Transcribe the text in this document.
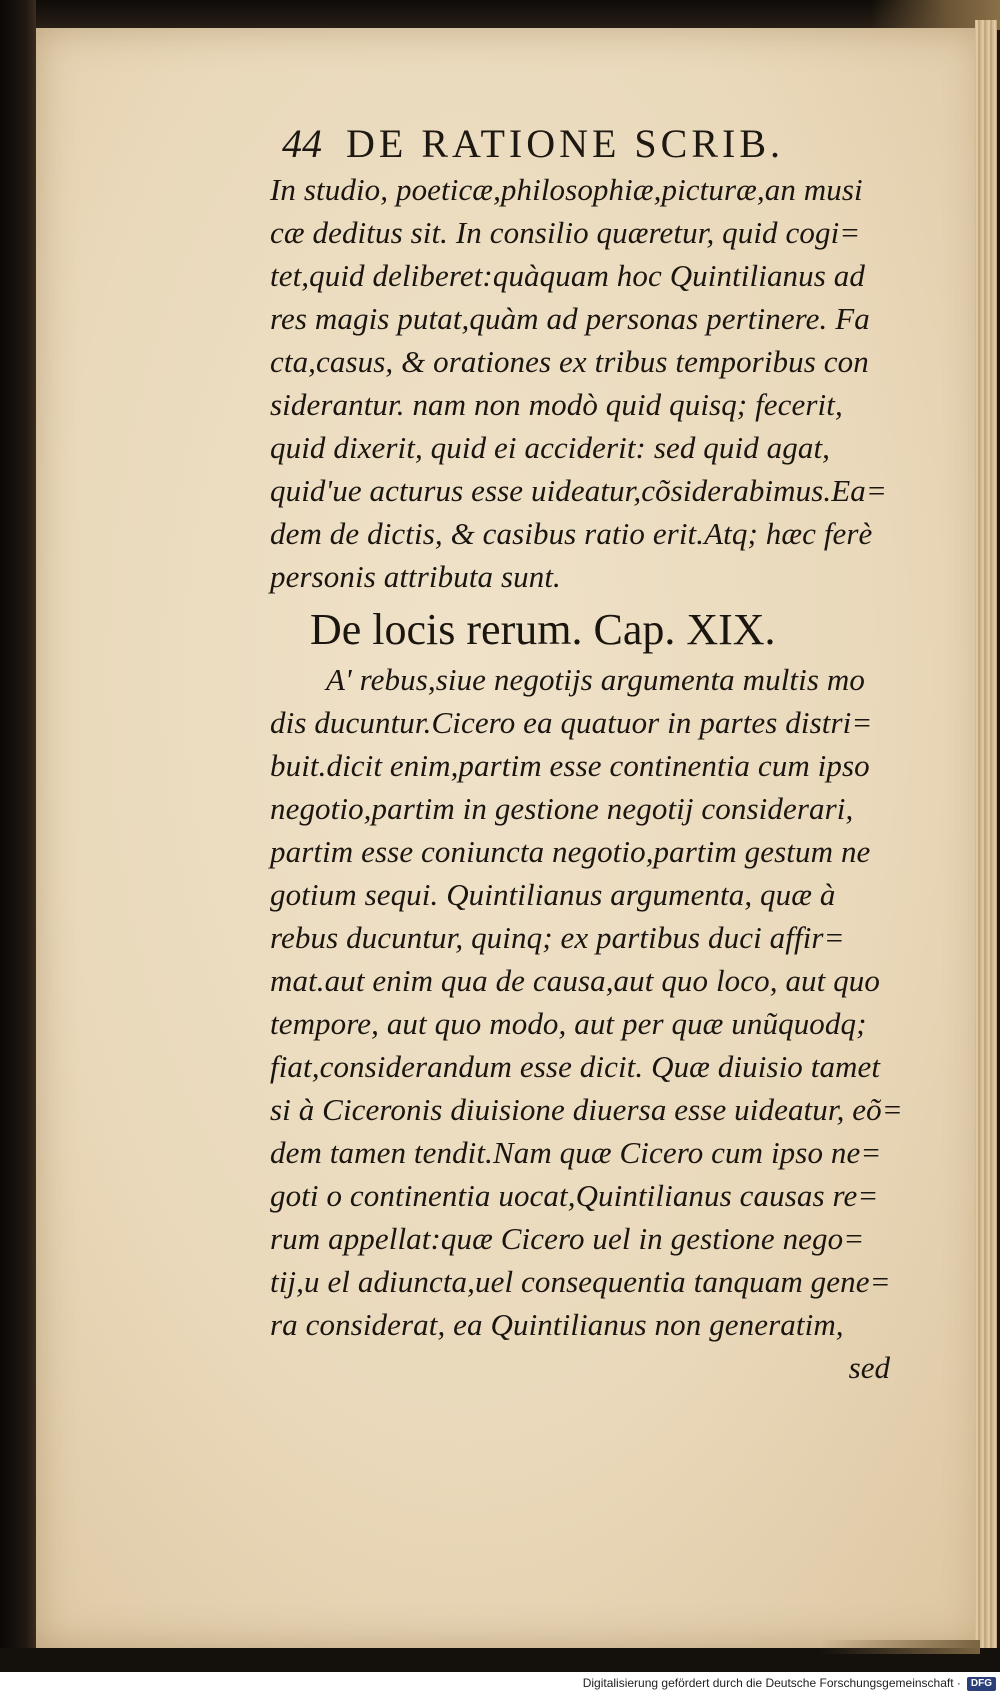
44 DE RATIONE SCRIB.
In studio, poeticæ,philosophiæ,picturæ,an musi
cæ deditus sit. In consilio quæretur, quid cogi=
tet,quid deliberet:quàquam hoc Quintilianus ad
res magis putat,quàm ad personas pertinere. Fa
cta,casus, & orationes ex tribus temporibus con
siderantur. nam non modò quid quisq; fecerit,
quid dixerit, quid ei acciderit: sed quid agat,
quid'ue acturus esse uideatur,cõsiderabimus.Ea=
dem de dictis, & casibus ratio erit.Atq; hæc ferè
personis attributa sunt.
De locis rerum. Cap. XIX.
A' rebus,siue negotijs argumenta multis mo
dis ducuntur.Cicero ea quatuor in partes distri=
buit.dicit enim,partim esse continentia cum ipso
negotio,partim in gestione negotij considerari,
partim esse coniuncta negotio,partim gestum ne
gotium sequi. Quintilianus argumenta, quæ à
rebus ducuntur, quinq; ex partibus duci affir=
mat.aut enim qua de causa,aut quo loco, aut quo
tempore, aut quo modo, aut per quæ unũquodq;
fiat,considerandum esse dicit. Quæ diuisio tamet
si à Ciceronis diuisione diuersa esse uideatur, eõ=
dem tamen tendit.Nam quæ Cicero cum ipso ne=
goti o continentia uocat,Quintilianus causas re=
rum appellat:quæ Cicero uel in gestione nego=
tij,u el adiuncta,uel consequentia tanquam gene=
ra considerat, ea Quintilianus non generatim,
sed
Digitalisierung gefördert durch die Deutsche Forschungsgemeinschaft · DFG
